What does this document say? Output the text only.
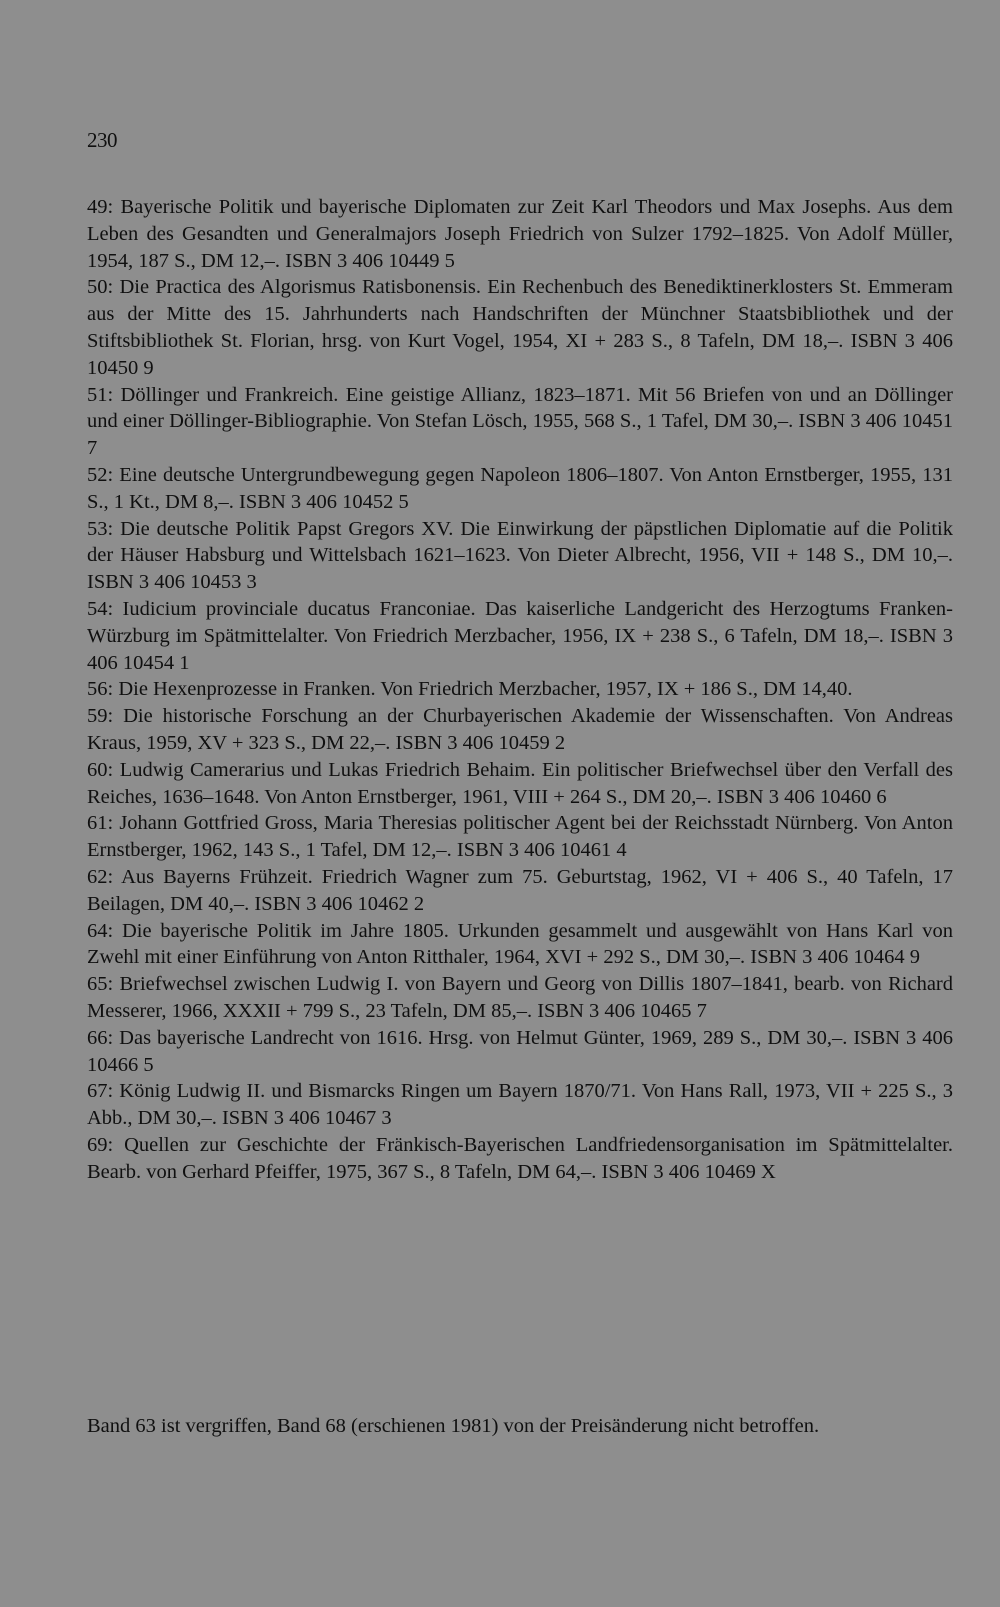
230

49: Bayerische Politik und bayerische Diplomaten zur Zeit Karl Theodors und Max Josephs. Aus dem Leben des Gesandten und Generalmajors Joseph Friedrich von Sulzer 1792–1825. Von Adolf Müller, 1954, 187 S., DM 12,–. ISBN 3 406 10449 5

50: Die Practica des Algorismus Ratisbonensis. Ein Rechenbuch des Benediktinerklosters St. Emmeram aus der Mitte des 15. Jahrhunderts nach Handschriften der Münchner Staatsbibliothek und der Stiftsbibliothek St. Florian, hrsg. von Kurt Vogel, 1954, XI + 283 S., 8 Tafeln, DM 18,–. ISBN 3 406 10450 9

51: Döllinger und Frankreich. Eine geistige Allianz, 1823–1871. Mit 56 Briefen von und an Döllinger und einer Döllinger-Bibliographie. Von Stefan Lösch, 1955, 568 S., 1 Tafel, DM 30,–. ISBN 3 406 10451 7

52: Eine deutsche Untergrundbewegung gegen Napoleon 1806–1807. Von Anton Ernstberger, 1955, 131 S., 1 Kt., DM 8,–. ISBN 3 406 10452 5

53: Die deutsche Politik Papst Gregors XV. Die Einwirkung der päpstlichen Diplomatie auf die Politik der Häuser Habsburg und Wittelsbach 1621–1623. Von Dieter Albrecht, 1956, VII + 148 S., DM 10,–. ISBN 3 406 10453 3

54: Iudicium provinciale ducatus Franconiae. Das kaiserliche Landgericht des Herzogtums Franken-Würzburg im Spätmittelalter. Von Friedrich Merzbacher, 1956, IX + 238 S., 6 Tafeln, DM 18,–. ISBN 3 406 10454 1

56: Die Hexenprozesse in Franken. Von Friedrich Merzbacher, 1957, IX + 186 S., DM 14,40.

59: Die historische Forschung an der Churbayerischen Akademie der Wissenschaften. Von Andreas Kraus, 1959, XV + 323 S., DM 22,–. ISBN 3 406 10459 2

60: Ludwig Camerarius und Lukas Friedrich Behaim. Ein politischer Briefwechsel über den Verfall des Reiches, 1636–1648. Von Anton Ernstberger, 1961, VIII + 264 S., DM 20,–. ISBN 3 406 10460 6

61: Johann Gottfried Gross, Maria Theresias politischer Agent bei der Reichsstadt Nürnberg. Von Anton Ernstberger, 1962, 143 S., 1 Tafel, DM 12,–. ISBN 3 406 10461 4

62: Aus Bayerns Frühzeit. Friedrich Wagner zum 75. Geburtstag, 1962, VI + 406 S., 40 Tafeln, 17 Beilagen, DM 40,–. ISBN 3 406 10462 2

64: Die bayerische Politik im Jahre 1805. Urkunden gesammelt und ausgewählt von Hans Karl von Zwehl mit einer Einführung von Anton Ritthaler, 1964, XVI + 292 S., DM 30,–. ISBN 3 406 10464 9

65: Briefwechsel zwischen Ludwig I. von Bayern und Georg von Dillis 1807–1841, bearb. von Richard Messerer, 1966, XXXII + 799 S., 23 Tafeln, DM 85,–. ISBN 3 406 10465 7

66: Das bayerische Landrecht von 1616. Hrsg. von Helmut Günter, 1969, 289 S., DM 30,–. ISBN 3 406 10466 5

67: König Ludwig II. und Bismarcks Ringen um Bayern 1870/71. Von Hans Rall, 1973, VII + 225 S., 3 Abb., DM 30,–. ISBN 3 406 10467 3

69: Quellen zur Geschichte der Fränkisch-Bayerischen Landfriedensorganisation im Spätmittelalter. Bearb. von Gerhard Pfeiffer, 1975, 367 S., 8 Tafeln, DM 64,–. ISBN 3 406 10469 X

Band 63 ist vergriffen, Band 68 (erschienen 1981) von der Preisänderung nicht betroffen.
